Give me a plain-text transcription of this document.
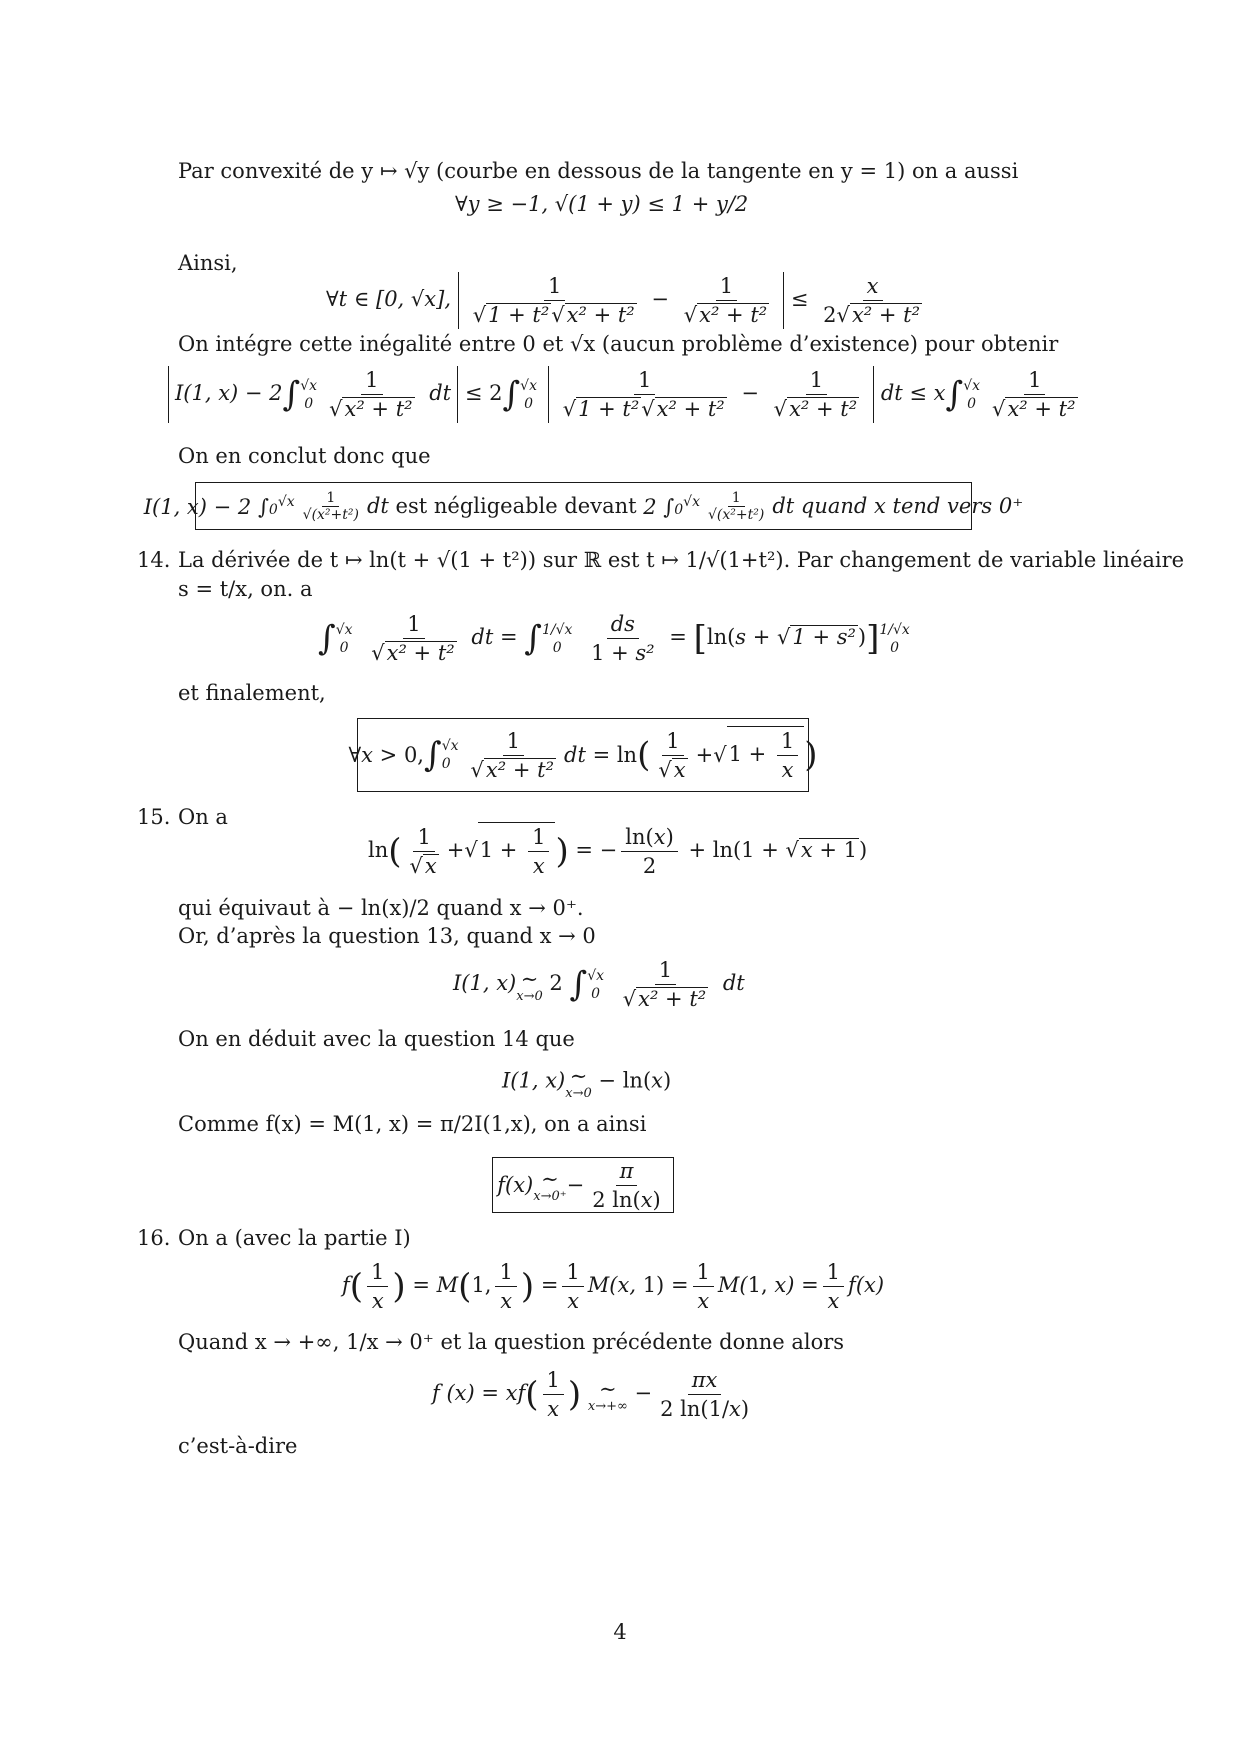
Par convexité de y ↦ √y (courbe en dessous de la tangente en y = 1) on a aussi
∀y ≥ −1, √(1 + y) ≤ 1 + y/2
Ainsi,
∀t ∈ [0, √x], $\frac{1}{\text{√1 + t²√x² + t²}} - \frac{1}{\text{√x² + t²}} \le \frac{x}{\text{2√x² + t²}}$
On intégre cette inégalité entre 0 et √x (aucun problème d’existence) pour obtenir
I(1, x) − 2∫ √x
$0 \frac{1}{\text{√x² + t²}}$ dt ≤ 2∫ √x
0
$\frac{1}{\text{√1 + t²√x² + t²}} - \frac{1}{\text{√x² + t²}}$ dt ≤ x∫ √x
$0 \frac{1}{\text{√x² + t²}}$
On en conclut donc que
I(1, x) − 2 $\int 0^{√x} \frac{1}{\text{√(x²+t²)}}$ dt est négligeable devant 2 $\int 0^{√x} \frac{1}{\text{√(x²+t²)}}$ dt quand x tend vers 0⁺
14. La dérivée de t ↦ ln(t + √(1 + t²)) sur ℝ est t ↦ 1/√(1+t²). Par changement de variable linéaire
s = t/x, on. a
∫ √x
0
$\frac{1}{\text{√x² + t²}}$ dt = ∫ 1/√x
0
	$\frac{ds}{\text{1 + s²}} = [\ln(s + √1 + s^2)]$ 1/√x
0
et finalement,
∀x > 0, ∫ √x
$0 \frac{1}{\text{√x² + t²}}$ dt = ln ( $\frac{1}{√x}$ + √ $1 + \frac{1}{x}$ )
15. On a
$\ln( \frac{1}{√x} +√1 + \frac{1}{x}$ ) = − $\frac{\ln(x)}{2} + \ln(1 + √x + 1)$
qui équivaut à − ln(x)/2 quand x → 0⁺.
Or, d’après la question 13, quand x → 0
I(1, x) ∼
x→0
2 ∫ √x
0
$\frac{1}{\text{√x² + t²}}$ dt
On en déduit avec la question 14 que
I(1, x) ∼
x→0
− ln(x)
Comme f(x) = M(1, x) = π/2I(1,x), on a ainsi
f(x) ∼
$x\to 0^+ - \frac{\pi}{2 \ln(x)}$
16. On a (avec la partie I)
$f( \frac{1}{x}$ ) = M(1, $\frac{1}{x}$ ) = $\frac{1}{x} M(x$, $1) = \frac{1}{x} M(1$, $x) = \frac{1}{x} f(x)$
Quand x → +∞, 1/x → 0⁺ et la question précédente donne alors
f $(x) = xf( \frac{1}{x}$ ) ∼
x→+∞
− $\frac{\pi x}{2 \ln(1/x)}$
c’est-à-dire
4
